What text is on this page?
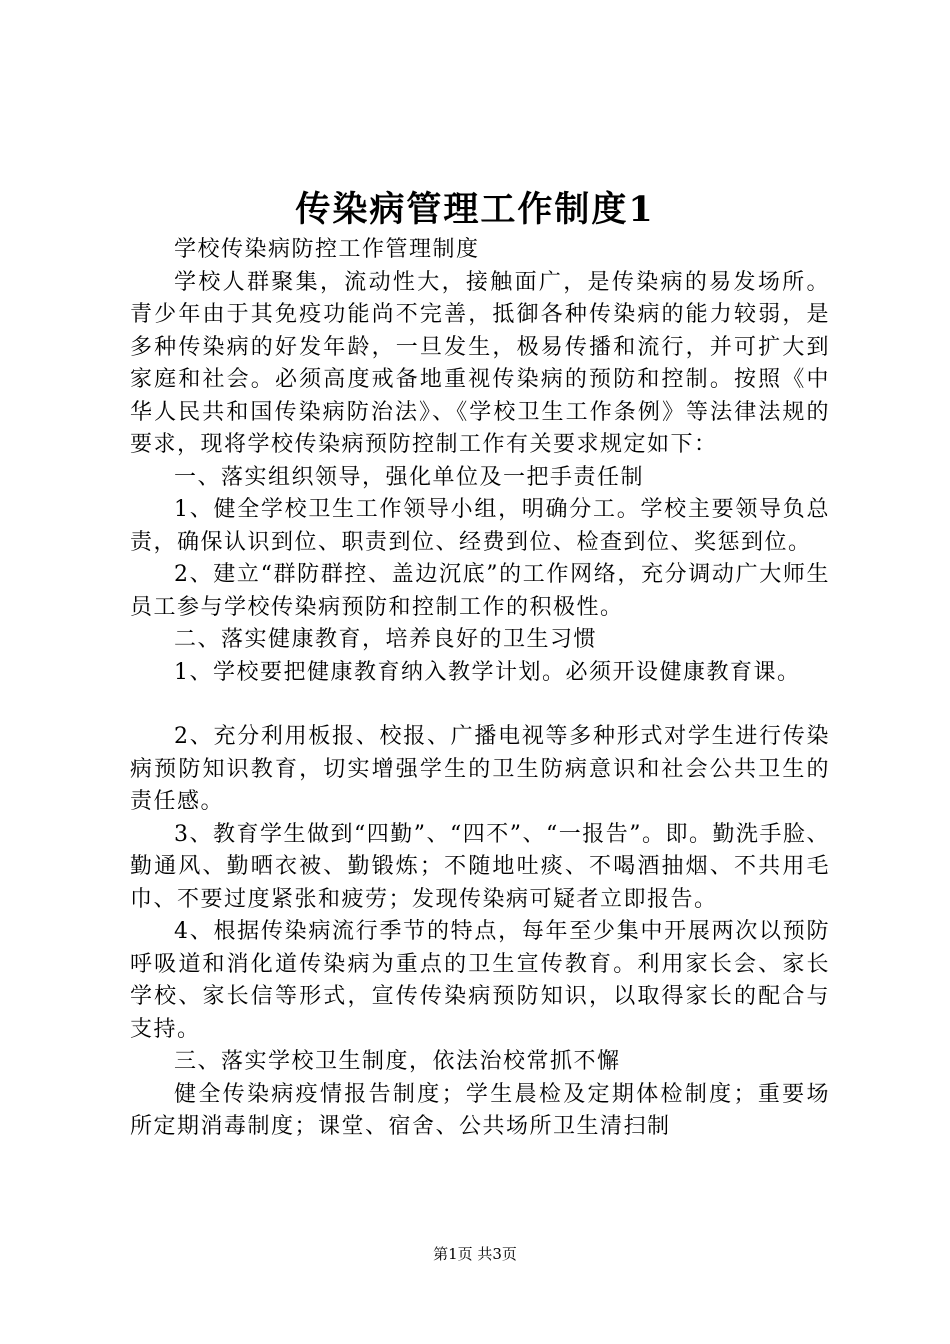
传染病管理工作制度1

学校传染病防控工作管理制度

学校人群聚集，流动性大，接触面广，是传染病的易发场所。青少年由于其免疫功能尚不完善，抵御各种传染病的能力较弱，是多种传染病的好发年龄，一旦发生，极易传播和流行，并可扩大到家庭和社会。必须高度戒备地重视传染病的预防和控制。按照《中华人民共和国传染病防治法》、《学校卫生工作条例》等法律法规的要求，现将学校传染病预防控制工作有关要求规定如下：

一、落实组织领导，强化单位及一把手责任制

1、健全学校卫生工作领导小组，明确分工。学校主要领导负总责，确保认识到位、职责到位、经费到位、检查到位、奖惩到位。

2、建立“群防群控、盖边沉底”的工作网络，充分调动广大师生员工参与学校传染病预防和控制工作的积极性。

二、落实健康教育，培养良好的卫生习惯

1、学校要把健康教育纳入教学计划。必须开设健康教育课。

2、充分利用板报、校报、广播电视等多种形式对学生进行传染病预防知识教育，切实增强学生的卫生防病意识和社会公共卫生的责任感。

3、教育学生做到“四勤”、“四不”、“一报告”。即。勤洗手脸、勤通风、勤晒衣被、勤锻炼；不随地吐痰、不喝酒抽烟、不共用毛巾、不要过度紧张和疲劳；发现传染病可疑者立即报告。

4、根据传染病流行季节的特点，每年至少集中开展两次以预防呼吸道和消化道传染病为重点的卫生宣传教育。利用家长会、家长学校、家长信等形式，宣传传染病预防知识，以取得家长的配合与支持。

三、落实学校卫生制度，依法治校常抓不懈

健全传染病疫情报告制度；学生晨检及定期体检制度；重要场所定期消毒制度；课堂、宿舍、公共场所卫生清扫制

第1页 共3页
